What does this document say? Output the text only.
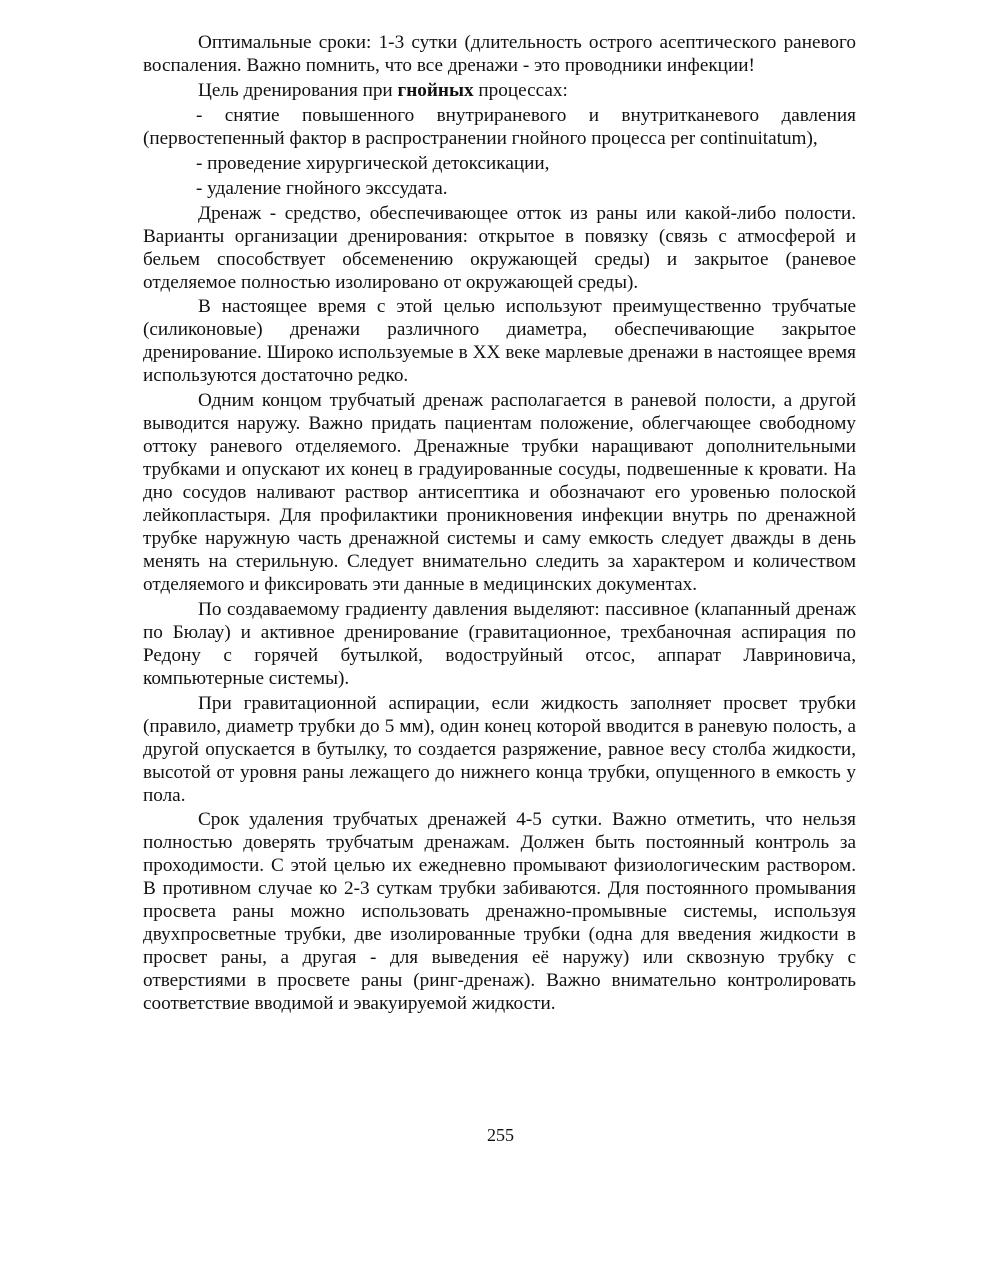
Оптимальные сроки: 1-3 сутки (длительность острого асептического раневого воспаления. Важно помнить, что все дренажи - это проводники инфекции!

Цель дренирования при гнойных процессах:

- снятие повышенного внутрираневого и внутритканевого давления (первостепенный фактор в распространении гнойного процесса per continuitatum),

- проведение хирургической детоксикации,

- удаление гнойного экссудата.

Дренаж - средство, обеспечивающее отток из раны или какой-либо полости. Варианты организации дренирования: открытое в повязку (связь с атмосферой и бельем способствует обсеменению окружающей среды) и закрытое (раневое отделяемое полностью изолировано от окружающей среды).

В настоящее время с этой целью используют преимущественно трубчатые (силиконовые) дренажи различного диаметра, обеспечивающие закрытое дренирование. Широко используемые в XX веке марлевые дренажи в настоящее время используются достаточно редко.

Одним концом трубчатый дренаж располагается в раневой полости, а другой выводится наружу. Важно придать пациентам положение, облегчающее свободному оттоку раневого отделяемого. Дренажные трубки наращивают дополнительными трубками и опускают их конец в градуированные сосуды, подвешенные к кровати. На дно сосудов наливают раствор антисептика и обозначают его уровенью полоской лейкопластыря. Для профилактики проникновения инфекции внутрь по дренажной трубке наружную часть дренажной системы и саму емкость следует дважды в день менять на стерильную. Следует внимательно следить за характером и количеством отделяемого и фиксировать эти данные в медицинских документах.

По создаваемому градиенту давления выделяют: пассивное (клапанный дренаж по Бюлау) и активное дренирование (гравитационное, трехбаночная аспирация по Редону с горячей бутылкой, водоструйный отсос, аппарат Лавриновича, компьютерные системы).

При гравитационной аспирации, если жидкость заполняет просвет трубки (правило, диаметр трубки до 5 мм), один конец которой вводится в раневую полость, а другой опускается в бутылку, то создается разряжение, равное весу столба жидкости, высотой от уровня раны лежащего до нижнего конца трубки, опущенного в емкость у пола.

Срок удаления трубчатых дренажей 4-5 сутки. Важно отметить, что нельзя полностью доверять трубчатым дренажам. Должен быть постоянный контроль за проходимости. С этой целью их ежедневно промывают физиологическим раствором. В противном случае ко 2-3 суткам трубки забиваются. Для постоянного промывания просвета раны можно использовать дренажно-промывные системы, используя двухпросветные трубки, две изолированные трубки (одна для введения жидкости в просвет раны, а другая - для выведения её наружу) или сквозную трубку с отверстиями в просвете раны (ринг-дренаж). Важно внимательно контролировать соответствие вводимой и эвакуируемой жидкости.

255
